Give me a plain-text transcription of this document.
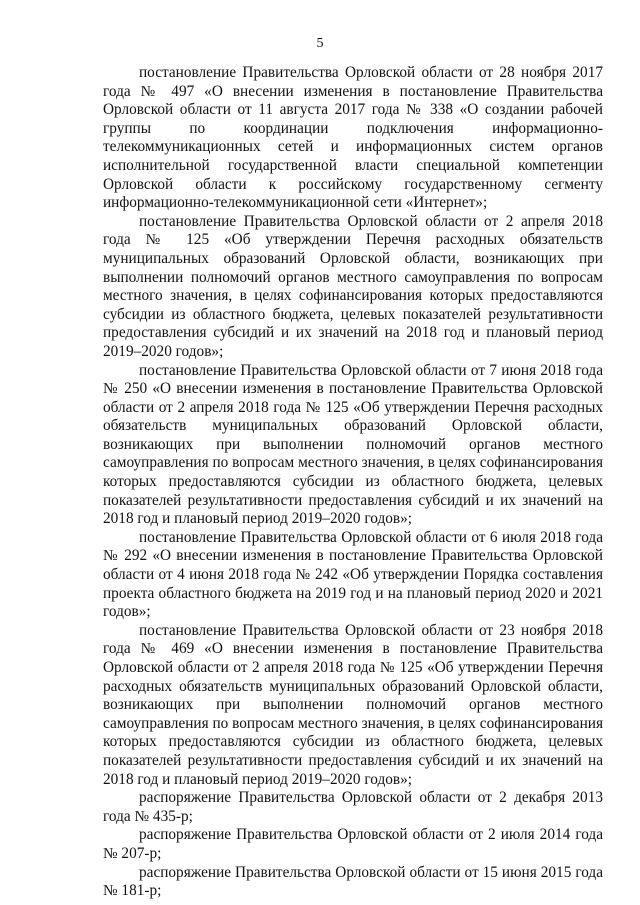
5

постановление Правительства Орловской области от 28 ноября 2017 года № 497 «О внесении изменения в постановление Правительства Орловской области от 11 августа 2017 года № 338 «О создании рабочей группы по координации подключения информационно-телекоммуникационных сетей и информационных систем органов исполнительной государственной власти специальной компетенции Орловской области к российскому государственному сегменту информационно-телекоммуникационной сети «Интернет»;

постановление Правительства Орловской области от 2 апреля 2018 года № 125 «Об утверждении Перечня расходных обязательств муниципальных образований Орловской области, возникающих при выполнении полномочий органов местного самоуправления по вопросам местного значения, в целях софинансирования которых предоставляются субсидии из областного бюджета, целевых показателей результативности предоставления субсидий и их значений на 2018 год и плановый период 2019–2020 годов»;

постановление Правительства Орловской области от 7 июня 2018 года № 250 «О внесении изменения в постановление Правительства Орловской области от 2 апреля 2018 года № 125 «Об утверждении Перечня расходных обязательств муниципальных образований Орловской области, возникающих при выполнении полномочий органов местного самоуправления по вопросам местного значения, в целях софинансирования которых предоставляются субсидии из областного бюджета, целевых показателей результативности предоставления субсидий и их значений на 2018 год и плановый период 2019–2020 годов»;

постановление Правительства Орловской области от 6 июля 2018 года № 292 «О внесении изменения в постановление Правительства Орловской области от 4 июня 2018 года № 242 «Об утверждении Порядка составления проекта областного бюджета на 2019 год и на плановый период 2020 и 2021 годов»;

постановление Правительства Орловской области от 23 ноября 2018 года № 469 «О внесении изменения в постановление Правительства Орловской области от 2 апреля 2018 года № 125 «Об утверждении Перечня расходных обязательств муниципальных образований Орловской области, возникающих при выполнении полномочий органов местного самоуправления по вопросам местного значения, в целях софинансирования которых предоставляются субсидии из областного бюджета, целевых показателей результативности предоставления субсидий и их значений на 2018 год и плановый период 2019–2020 годов»;

распоряжение Правительства Орловской области от 2 декабря 2013 года № 435-р;

распоряжение Правительства Орловской области от 2 июля 2014 года № 207-р;

распоряжение Правительства Орловской области от 15 июня 2015 года № 181-р;
